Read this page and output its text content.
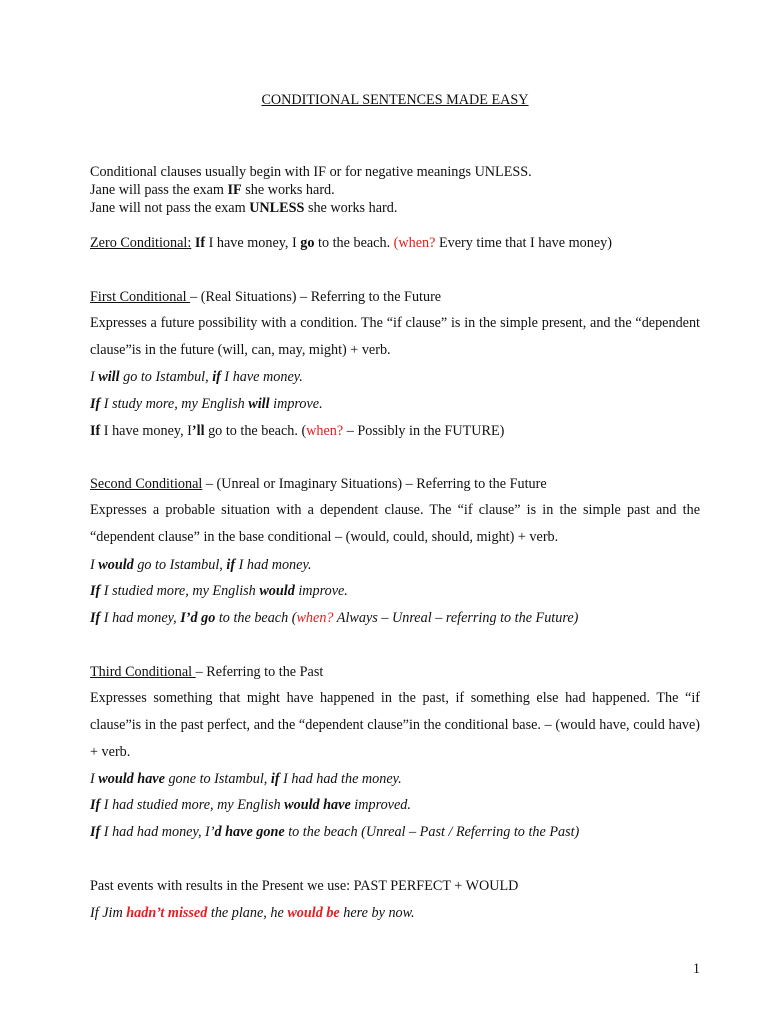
CONDITIONAL SENTENCES MADE EASY
Conditional clauses usually begin with IF or for negative meanings UNLESS.
Jane will pass the exam IF she works hard.
Jane will not pass the exam UNLESS she works hard.
Zero Conditional: If I have money, I go to the beach. (when? Every time that I have money)
First Conditional – (Real Situations) – Referring to the Future
Expresses a future possibility with a condition. The “if clause” is in the simple present, and the “dependent clause”is in the future (will, can, may, might) + verb.
I will go to Istambul, if I have money.
If I study more, my English will improve.
If I have money, I’ll go to the beach. (when? – Possibly in the FUTURE)
Second Conditional – (Unreal or Imaginary Situations) – Referring to the Future
Expresses a probable situation with a dependent clause. The “if clause” is in the simple past and the “dependent clause” in the base conditional – (would, could, should, might) + verb.
I would go to Istambul, if I had money.
If I studied more, my English would improve.
If I had money, I’d go to the beach (when? Always – Unreal – referring to the Future)
Third Conditional – Referring to the Past
Expresses something that might have happened in the past, if something else had happened. The “if clause”is in the past perfect, and the “dependent clause”in the conditional base. – (would have, could have) + verb.
I would have gone to Istambul, if I had had the money.
If I had studied more, my English would have improved.
If I had had money, I’d have gone to the beach (Unreal – Past / Referring to the Past)
Past events with results in the Present we use: PAST PERFECT + WOULD
If Jim hadn’t missed the plane, he would be here by now.
1
